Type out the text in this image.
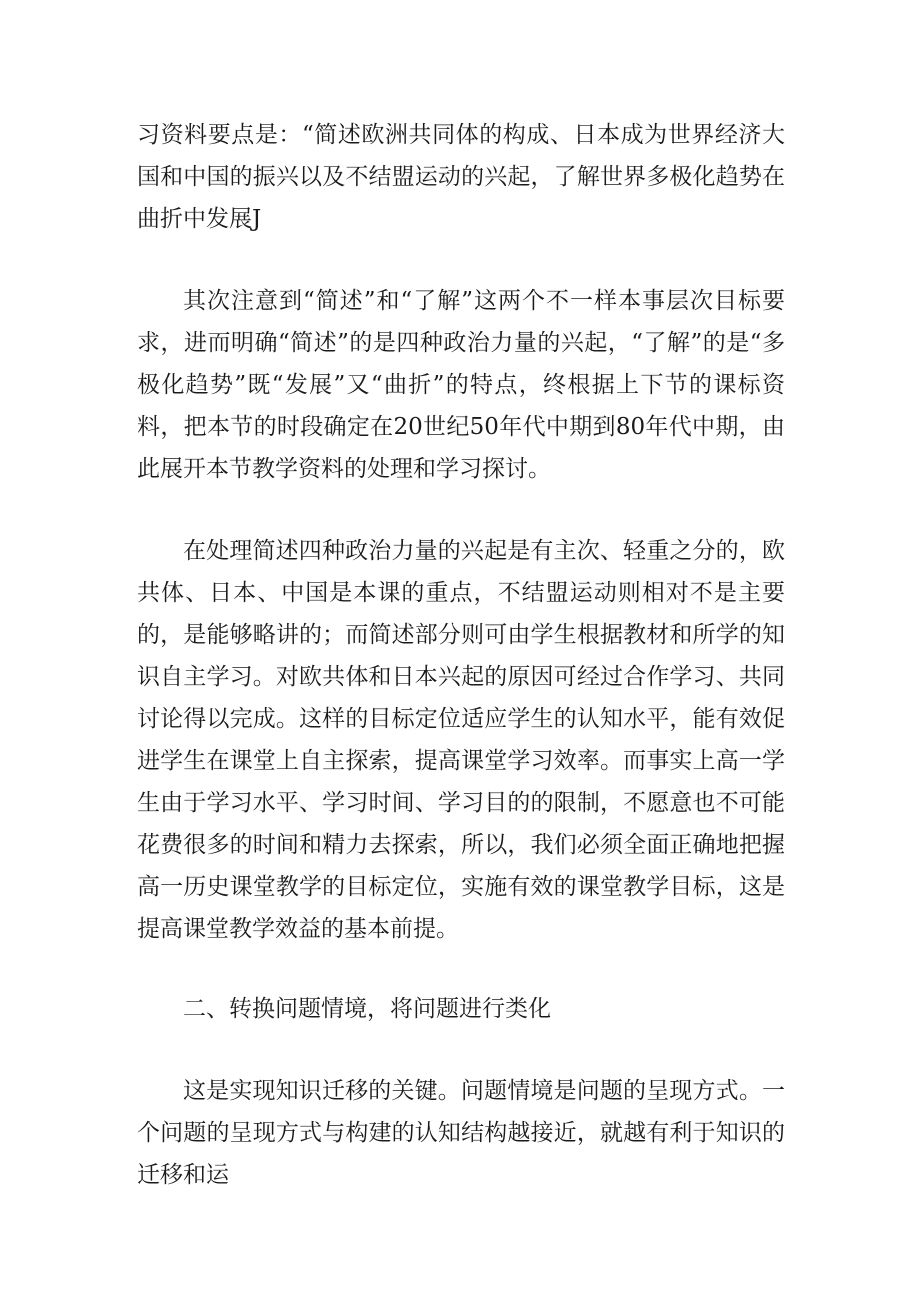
习资料要点是：“简述欧洲共同体的构成、日本成为世界经济大国和中国的振兴以及不结盟运动的兴起，了解世界多极化趋势在曲折中发展J

其次注意到“简述”和“了解”这两个不一样本事层次目标要求，进而明确“简述”的是四种政治力量的兴起，“了解”的是“多极化趋势”既“发展”又“曲折”的特点，终根据上下节的课标资料，把本节的时段确定在20世纪50年代中期到80年代中期，由此展开本节教学资料的处理和学习探讨。

在处理简述四种政治力量的兴起是有主次、轻重之分的，欧共体、日本、中国是本课的重点，不结盟运动则相对不是主要的，是能够略讲的；而简述部分则可由学生根据教材和所学的知识自主学习。对欧共体和日本兴起的原因可经过合作学习、共同讨论得以完成。这样的目标定位适应学生的认知水平，能有效促进学生在课堂上自主探索，提高课堂学习效率。而事实上高一学生由于学习水平、学习时间、学习目的的限制，不愿意也不可能花费很多的时间和精力去探索，所以，我们必须全面正确地把握高一历史课堂教学的目标定位，实施有效的课堂教学目标，这是提高课堂教学效益的基本前提。

二、转换问题情境，将问题进行类化

这是实现知识迁移的关键。问题情境是问题的呈现方式。一个问题的呈现方式与构建的认知结构越接近，就越有利于知识的迁移和运
